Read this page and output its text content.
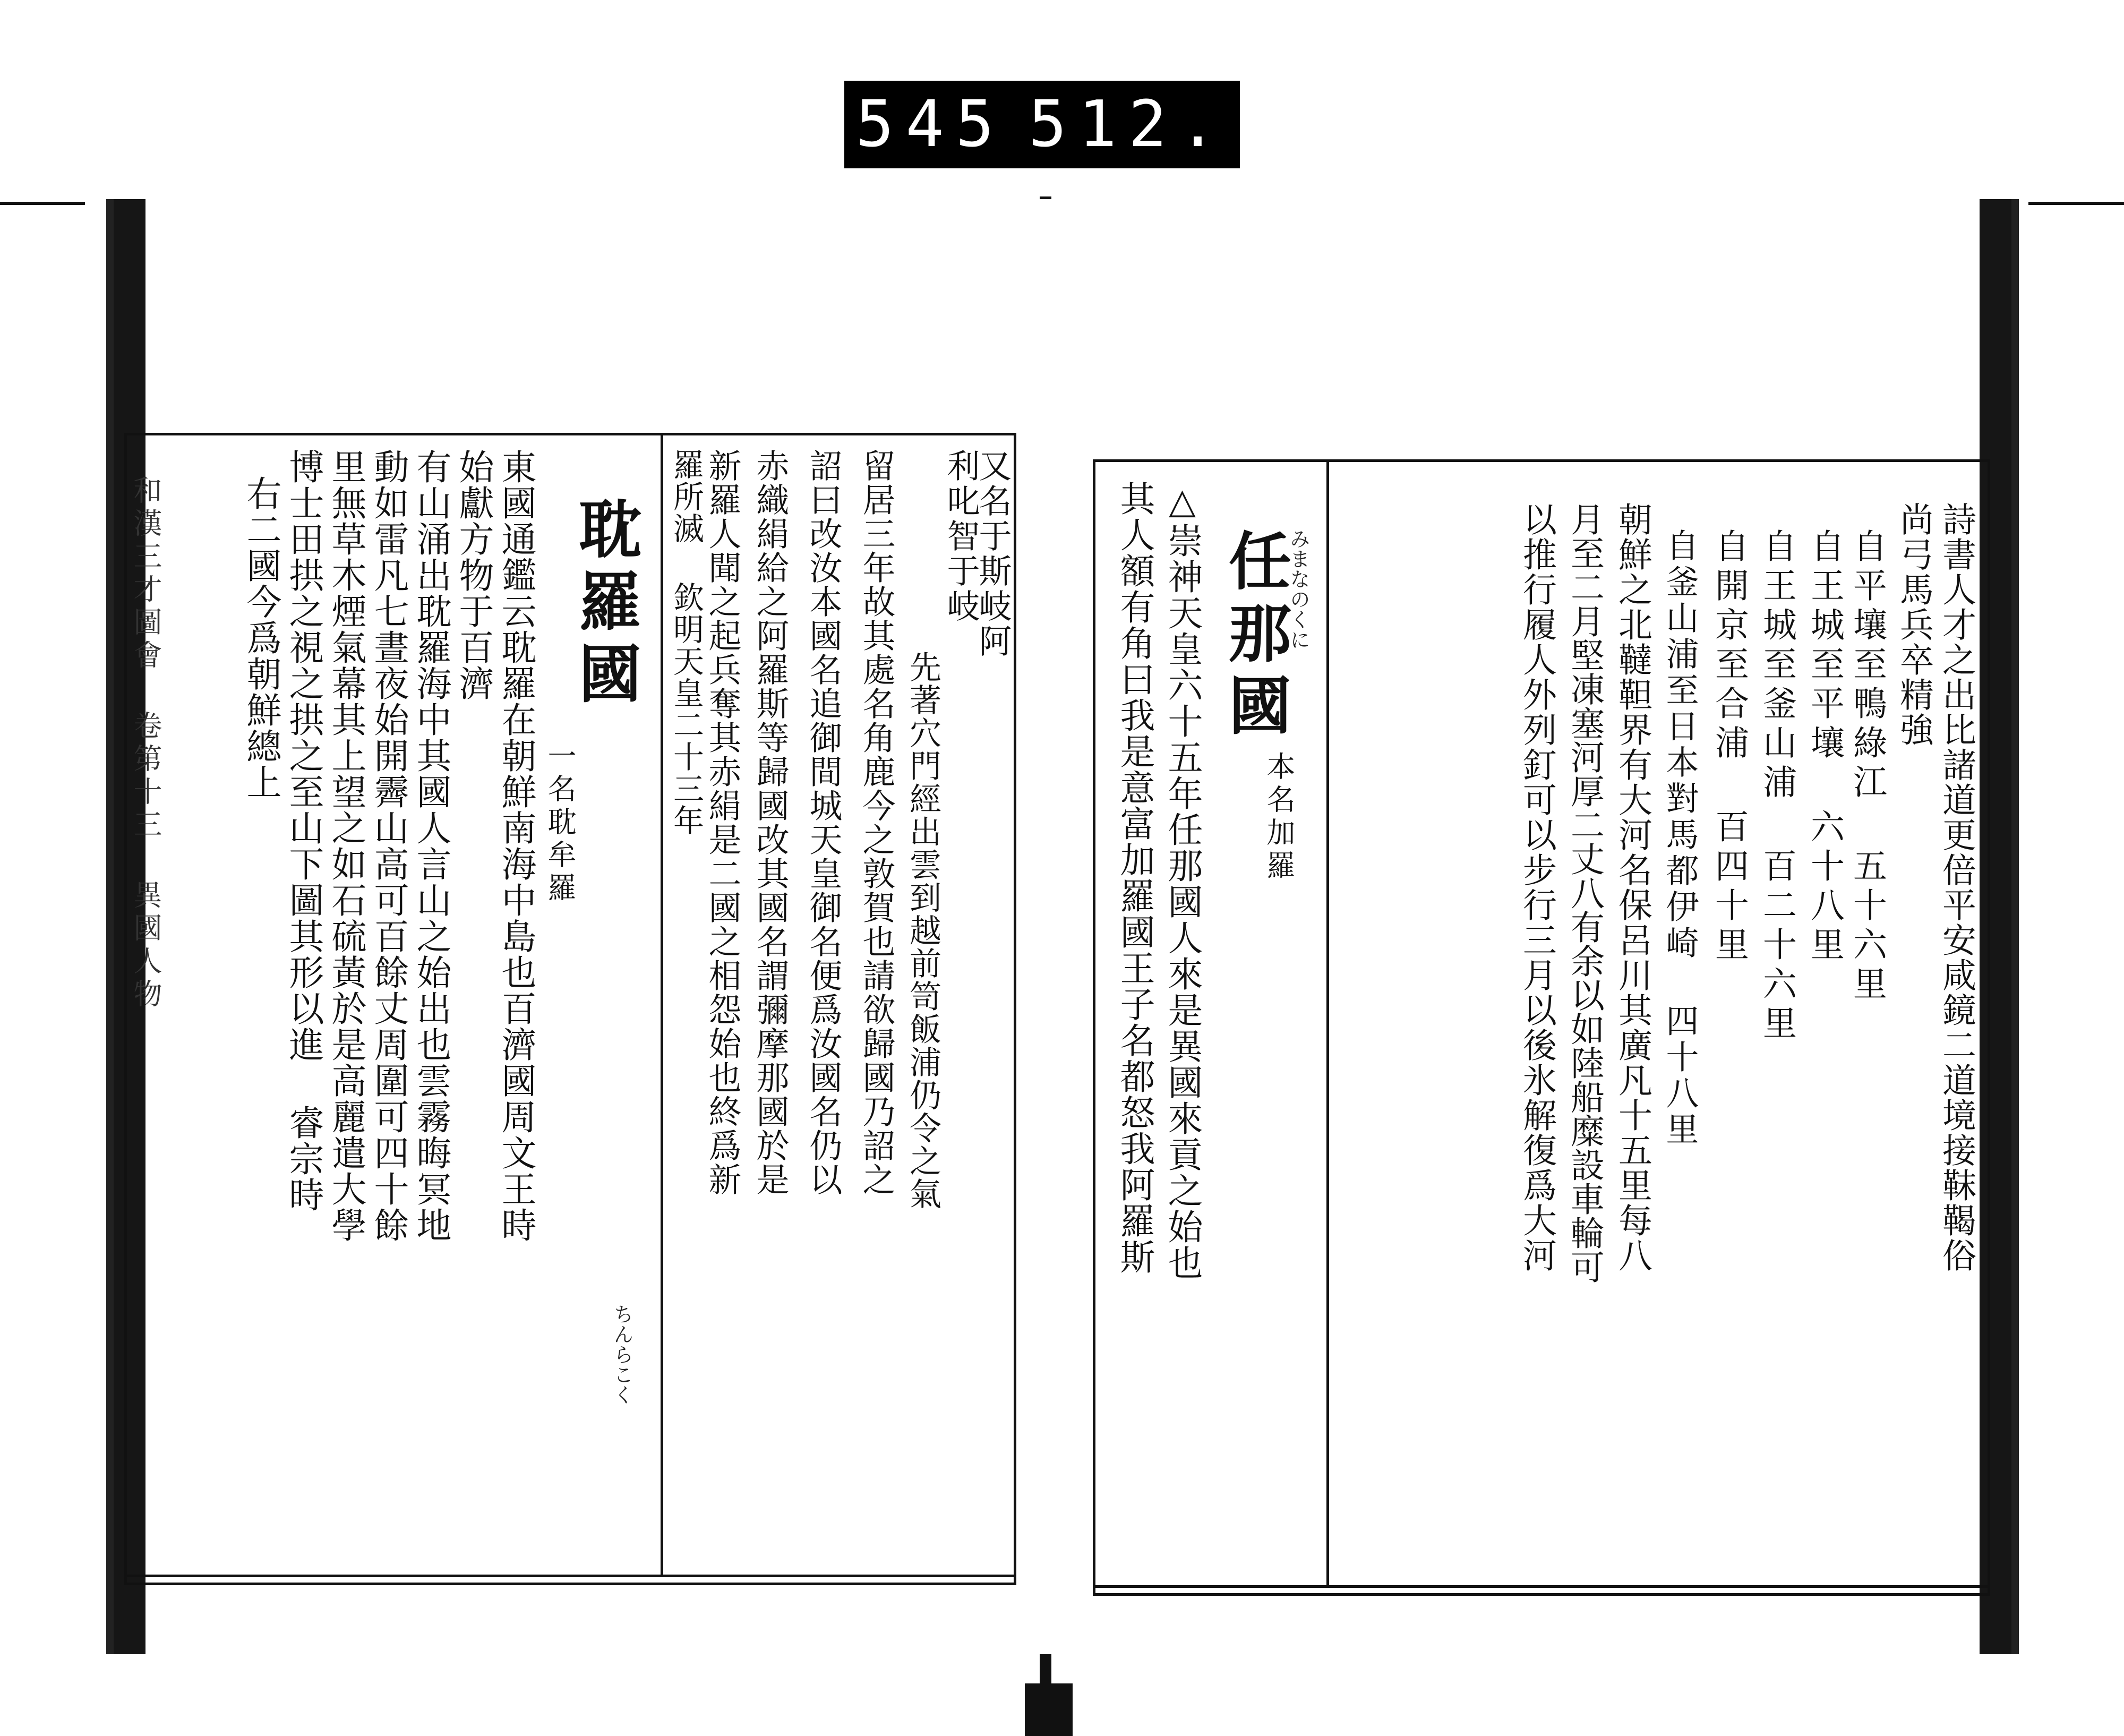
545 512.
和漢三才圖會 卷第十三 異國人物	又名于斯岐阿
利叱智于岐
先著穴門經出雲到越前笥飯浦仍令之氣
留居三年故其處名角鹿今之敦賀也請欲歸國乃詔之
詔曰改汝本國名追御間城天皇御名便爲汝國名仍以
赤織絹給之阿羅斯等歸國改其國名謂彌摩那國於是
新羅人聞之起兵奪其赤絹是二國之相怨始也終爲新
羅所滅 欽明天皇二十三年
耽羅國
ちんらこく
一名耽牟羅
東國通鑑云耽羅在朝鮮南海中島也百濟國周文王時
始獻方物于百濟
有山涌出耽羅海中其國人言山之始出也雲霧晦冥地
動如雷凡七晝夜始開霽山高可百餘丈周圍可四十餘
里無草木煙氣幕其上望之如石硫黃於是高麗遣大學
博士田拱之視之拱之至山下圖其形以進 睿宗時
右二國今爲朝鮮總上	詩書人才之出比諸道更倍平安咸鏡二道境接靺鞨俗
尚弓馬兵卒精強
自平壤至鴨綠江 五十六里
自王城至平壤 六十八里
自王城至釜山浦 百二十六里
自開京至合浦 百四十里
自釜山浦至日本對馬都伊崎 四十八里
朝鮮之北韃靼界有大河名保呂川其廣凡十五里每八
月至二月堅凍塞河厚二丈八有余以如陸船糜設車輪可
以推行履人外列釘可以步行三月以後氷解復爲大河
任那國
みまなのくに
本名加羅
△崇神天皇六十五年任那國人來是異國來貢之始也
其人額有角曰我是意富加羅國王子名都怒我阿羅斯
